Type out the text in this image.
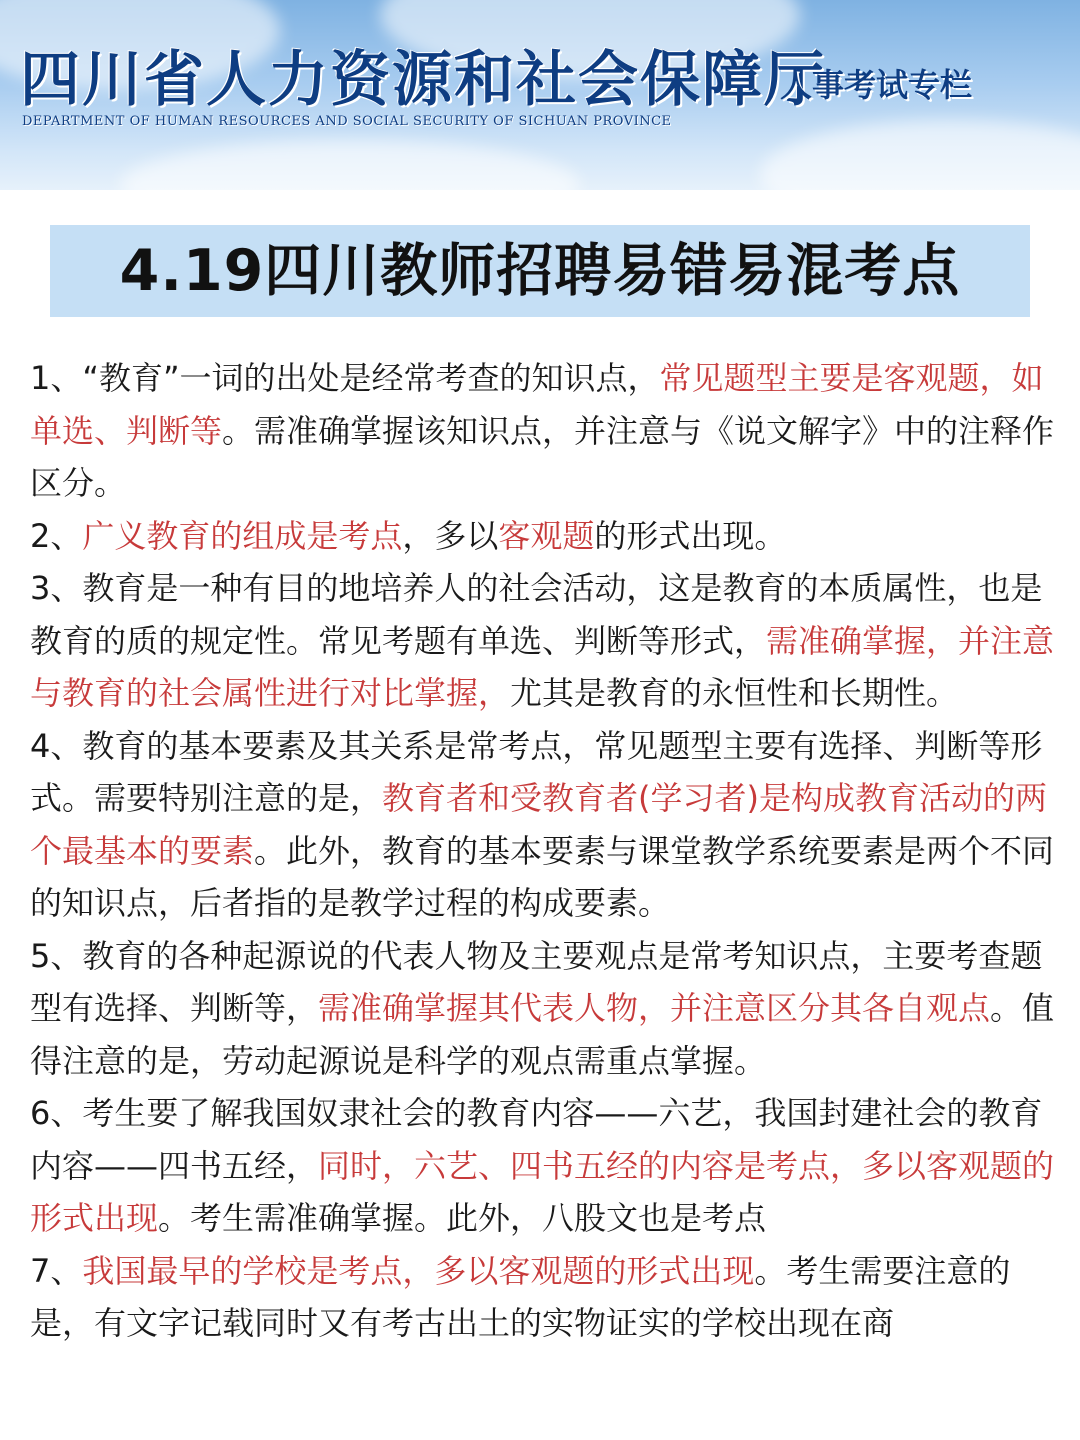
四川省人力资源和社会保障厅
DEPARTMENT OF HUMAN RESOURCES AND SOCIAL SECURITY OF SICHUAN PROVINCE
人事考试专栏
4.19四川教师招聘易错易混考点

1、“教育”一词的出处是经常考查的知识点，常见题型主要是客观题，如单选、判断等。需准确掌握该知识点，并注意与《说文解字》中的注释作区分。

2、广义教育的组成是考点，多以客观题的形式出现。

3、教育是一种有目的地培养人的社会活动，这是教育的本质属性，也是教育的质的规定性。常见考题有单选、判断等形式，需准确掌握，并注意与教育的社会属性进行对比掌握，尤其是教育的永恒性和长期性。

4、教育的基本要素及其关系是常考点，常见题型主要有选择、判断等形式。需要特别注意的是，教育者和受教育者(学习者)是构成教育活动的两个最基本的要素。此外，教育的基本要素与课堂教学系统要素是两个不同的知识点，后者指的是教学过程的构成要素。

5、教育的各种起源说的代表人物及主要观点是常考知识点，主要考查题型有选择、判断等，需准确掌握其代表人物，并注意区分其各自观点。值得注意的是，劳动起源说是科学的观点需重点掌握。

6、考生要了解我国奴隶社会的教育内容——六艺，我国封建社会的教育内容——四书五经，同时，六艺、四书五经的内容是考点，多以客观题的形式出现。考生需准确掌握。此外，八股文也是考点

7、我国最早的学校是考点，多以客观题的形式出现。考生需要注意的是，有文字记载同时又有考古出土的实物证实的学校出现在商
